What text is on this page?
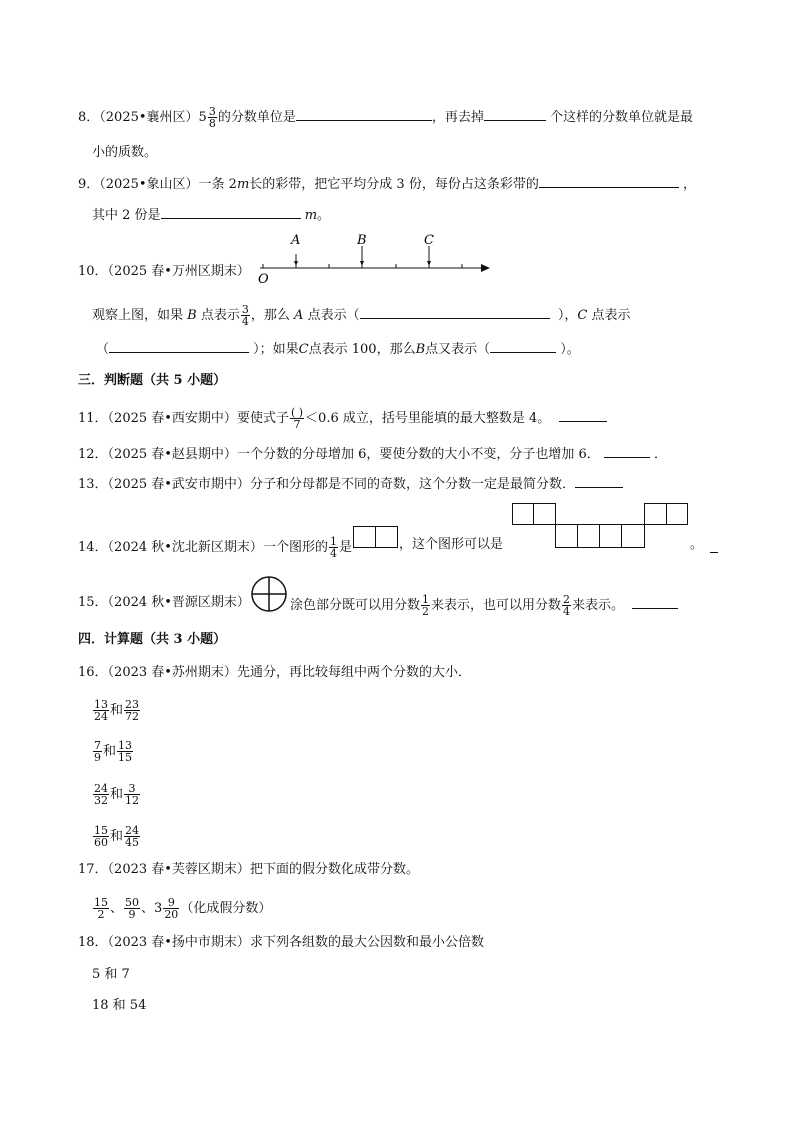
8．（2025•襄州区）$5 \frac{3}{8}$ 的分数单位是	，再去掉	个这样的分数单位就是最
小的质数。
9．（2025•象山区）一条 2m长的彩带，把它平均分成 3 份，每份占这条彩带的	，
其中 2 份是	m。
A	B	C
O
10．（2025 春•万州区期末）
观察上图，如果 B 点表示 $\frac{3}{4}$ ，那么 A 点表示（	），C 点表示
（	）；如果C点表示 100，那么B点又表示（	）。
三．判断题（共 5 小题）
11．（2025 春•西安期中）要使式子 $\frac{( )}{7} <0.6$ 成立，括号里能填的最大整数是 4。
12．（2025 春•赵县期中）一个分数的分母增加 6，要使分数的大小不变，分子也增加 6．	．
13．（2025 春•武安市期中）分子和分母都是不同的奇数，这个分数一定是最简分数．
14．（2024 秋•沈北新区期末）一个图形的 $\frac{1}{4}$ 是	，这个图形可以是	。
15．（2024 秋•晋源区期末）	涂色部分既可以用分数 $\frac{1}{2}$ 来表示，也可以用分数 $\frac{2}{4}$ 来表示。
四．计算题（共 3 小题）
16．（2023 春•苏州期末）先通分，再比较每组中两个分数的大小．
$\frac{13}{24}$ 和 $\frac{23}{72}$
$\frac{7}{9}$ 和 $\frac{13}{15}$
$\frac{24}{32}$ 和 $\frac{3}{12}$
$\frac{15}{60}$ 和 $\frac{24}{45}$
17．（2023 春•芙蓉区期末）把下面的假分数化成带分数。
$\frac{15}{2}$ 、 $\frac{50}{9}$ 、$3 \frac{9}{20}$ （化成假分数）
18．（2023 春•扬中市期末）求下列各组数的最大公因数和最小公倍数
5 和 7
18 和 54
